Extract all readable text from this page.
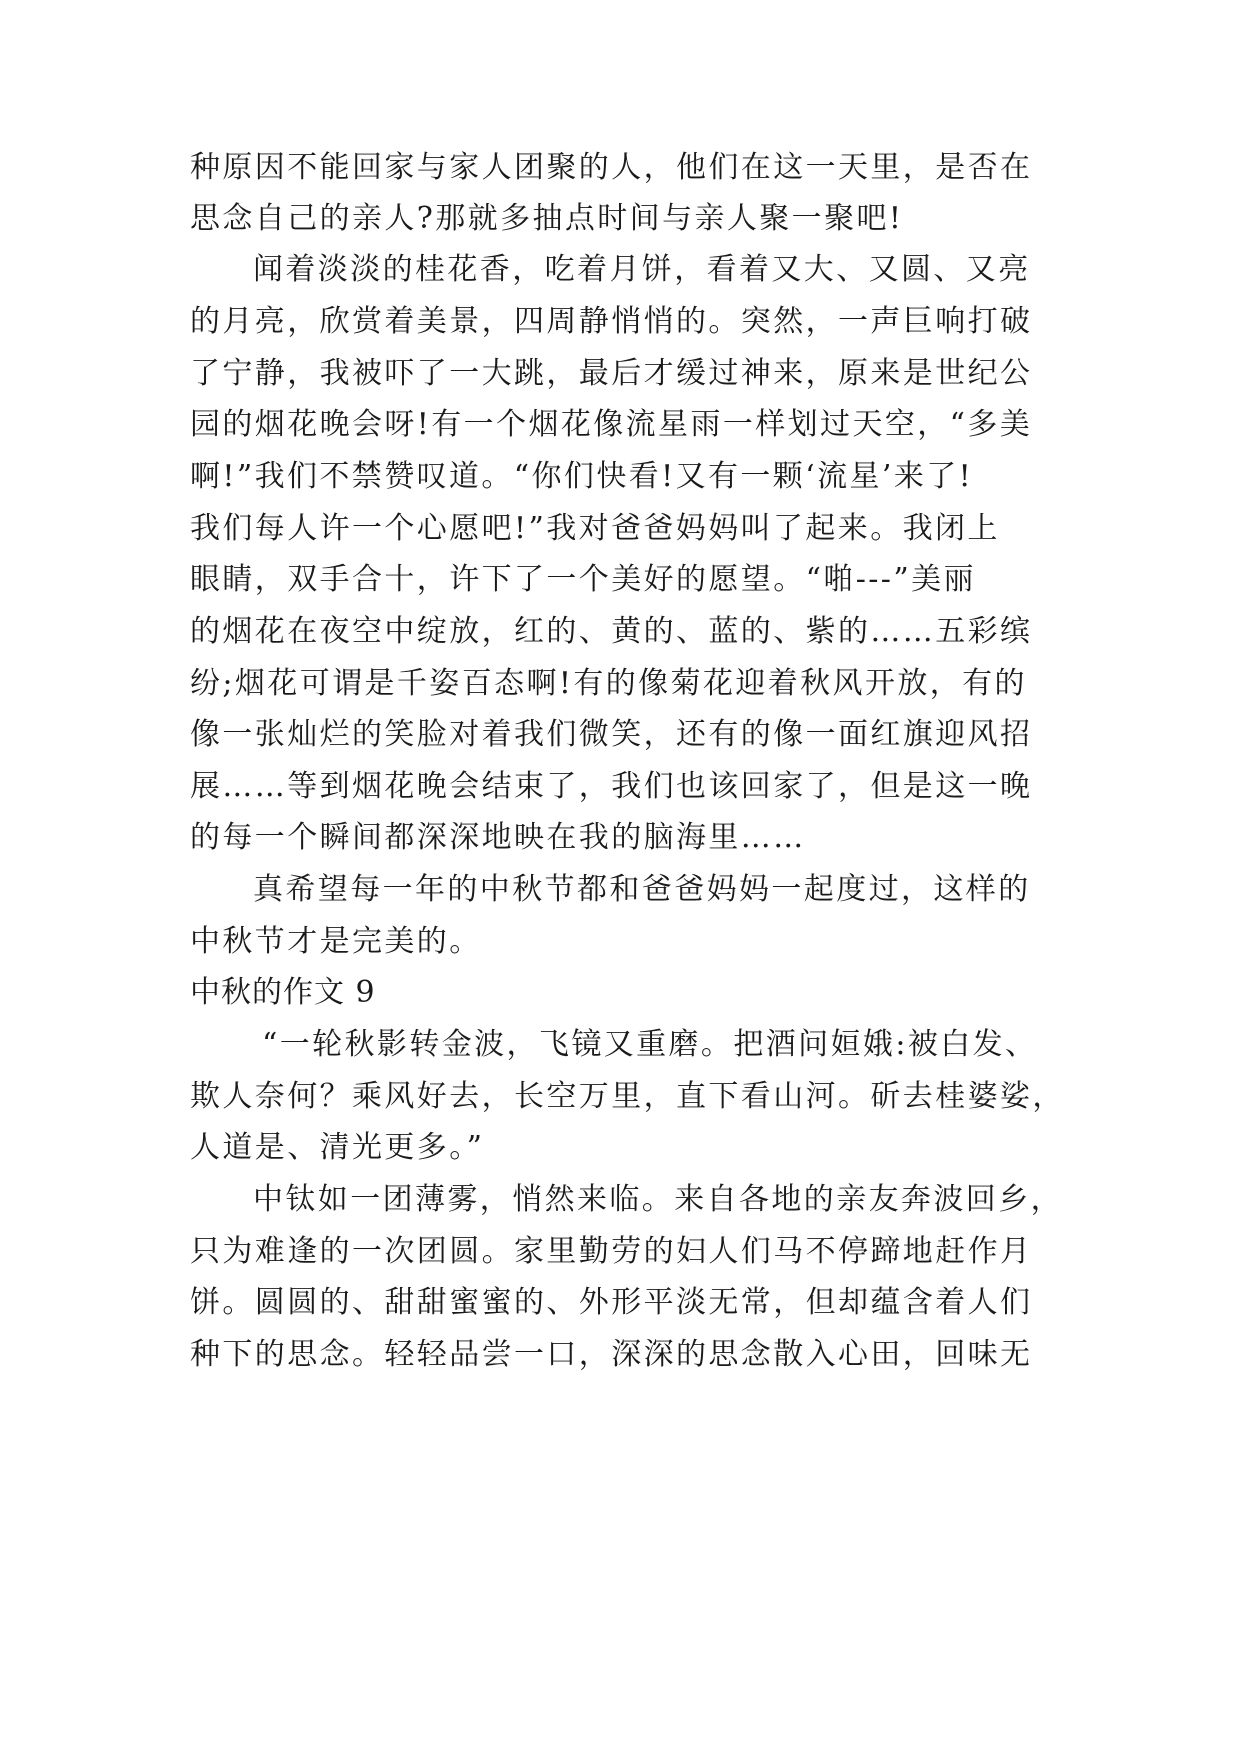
种原因不能回家与家人团聚的人，他们在这一天里，是否在
思念自己的亲人?那就多抽点时间与亲人聚一聚吧!
闻着淡淡的桂花香，吃着月饼，看着又大、又圆、又亮
的月亮，欣赏着美景，四周静悄悄的。突然，一声巨响打破
了宁静，我被吓了一大跳，最后才缓过神来，原来是世纪公
园的烟花晚会呀!有一个烟花像流星雨一样划过天空，“多美
啊!”我们不禁赞叹道。“你们快看!又有一颗‘流星’来了!
我们每人许一个心愿吧!”我对爸爸妈妈叫了起来。我闭上
眼睛，双手合十，许下了一个美好的愿望。“啪---”美丽
的烟花在夜空中绽放，红的、黄的、蓝的、紫的……五彩缤
纷;烟花可谓是千姿百态啊!有的像菊花迎着秋风开放，有的
像一张灿烂的笑脸对着我们微笑，还有的像一面红旗迎风招
展……等到烟花晚会结束了，我们也该回家了，但是这一晚
的每一个瞬间都深深地映在我的脑海里……
真希望每一年的中秋节都和爸爸妈妈一起度过，这样的
中秋节才是完美的。
中秋的作文 9
“一轮秋影转金波，飞镜又重磨。把酒问姮娥:被白发、
欺人奈何？乘风好去，长空万里，直下看山河。斫去桂婆娑，
人道是、清光更多。”
中钛如一团薄雾，悄然来临。来自各地的亲友奔波回乡，
只为难逢的一次团圆。家里勤劳的妇人们马不停蹄地赶作月
饼。圆圆的、甜甜蜜蜜的、外形平淡无常，但却蕴含着人们
种下的思念。轻轻品尝一口，深深的思念散入心田，回味无
